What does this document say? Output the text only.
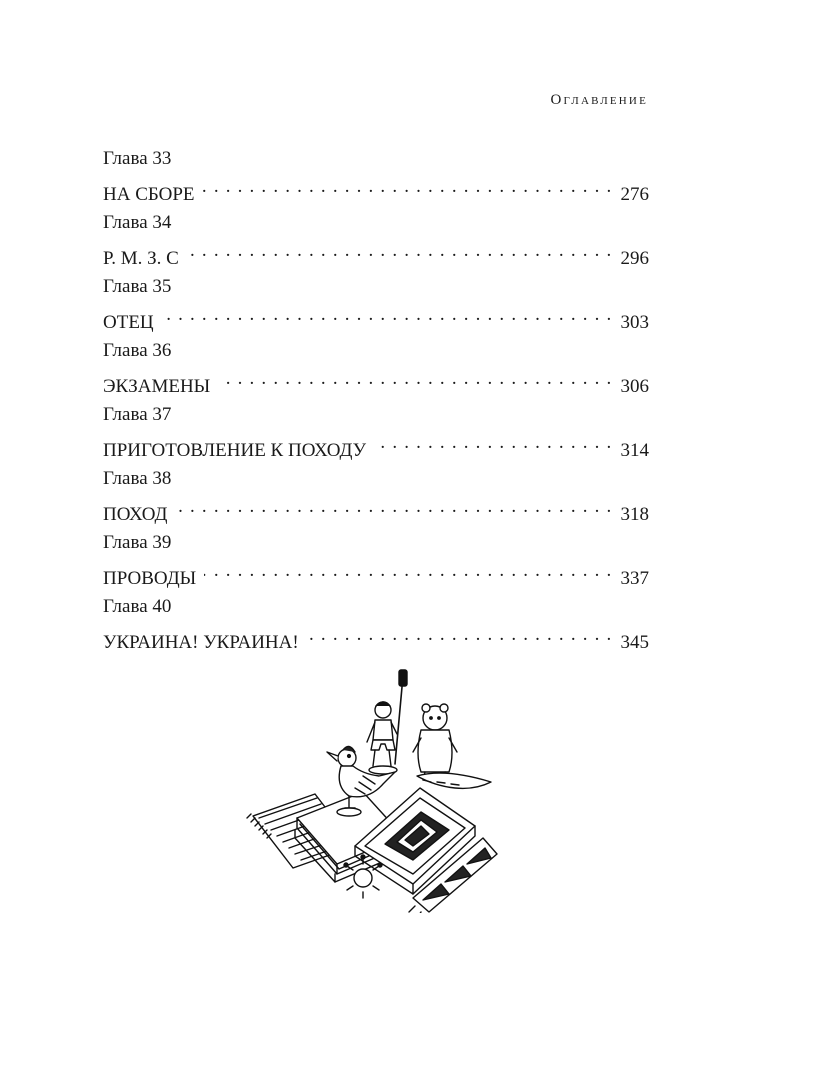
Оглавление
Глава 33
НА СБОРЕ . . .	276
Глава 34
Р. М. З. С . . .	296
Глава 35
ОТЕЦ . . .	303
Глава 36
ЭКЗАМЕНЫ . . .	306
Глава 37
ПРИГОТОВЛЕНИЕ К ПОХОДУ . . .	314
Глава 38
ПОХОД . . .	318
Глава 39
ПРОВОДЫ . . .	337
Глава 40
УКРАИНА! УКРАИНА! . . .	345
